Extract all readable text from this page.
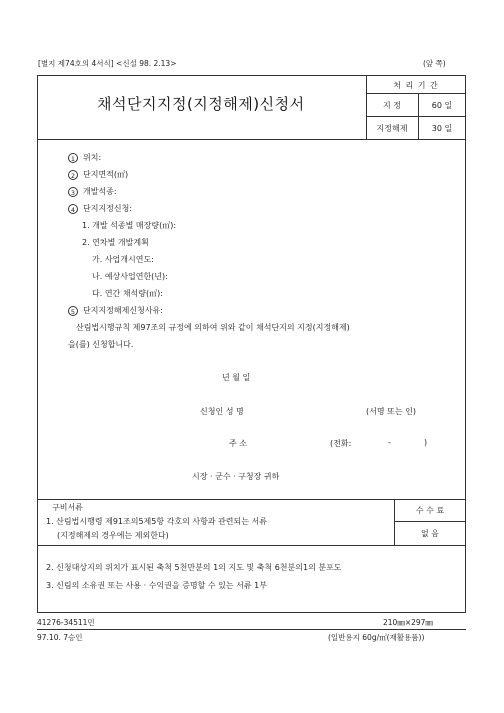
[별지 제74호의 4서식] <신설 98. 2.13>	(앞 쪽)
채석단지지정(지정해제)신청서
처 리 기 간
지 정	60 일
지정해제	30 일
1 위치:
2 단지면적(㎡)
3 개발석종:
4 단지지정신청:
1. 개발 석종별 매장량(㎥):
2. 연차별 개발계획
가. 사업개시연도:
나. 예상사업연한(년):
다. 연간 채석량(㎥):
5 단지지정해제신청사유:
산림법시행규칙 제97조의 규정에 의하여 위와 같이 채석단지의 지정(지정해제)
을(를) 신청합니다.
년 월 일
신청인 성 명	(서명 또는 인)
주 소	(전화:	-	)
시장 · 군수 · 구청장 귀하
구비서류
1. 산림법시행령 제91조의5제5항 각호의 사항과 관련되는 서류
(지정해제의 경우에는 제외한다)
수 수 료
없 음
2. 신청대상지의 위치가 표시된 축척 5천만분의 1의 지도 및 축척 6천분의1의 분포도
3. 신림의 소유권 또는 사용 · 수익권을 증명할 수 있는 서류 1부
41276-34511민	210㎜×297㎜
97.10. 7승인	(일반용지 60g/㎡(재활용품))
